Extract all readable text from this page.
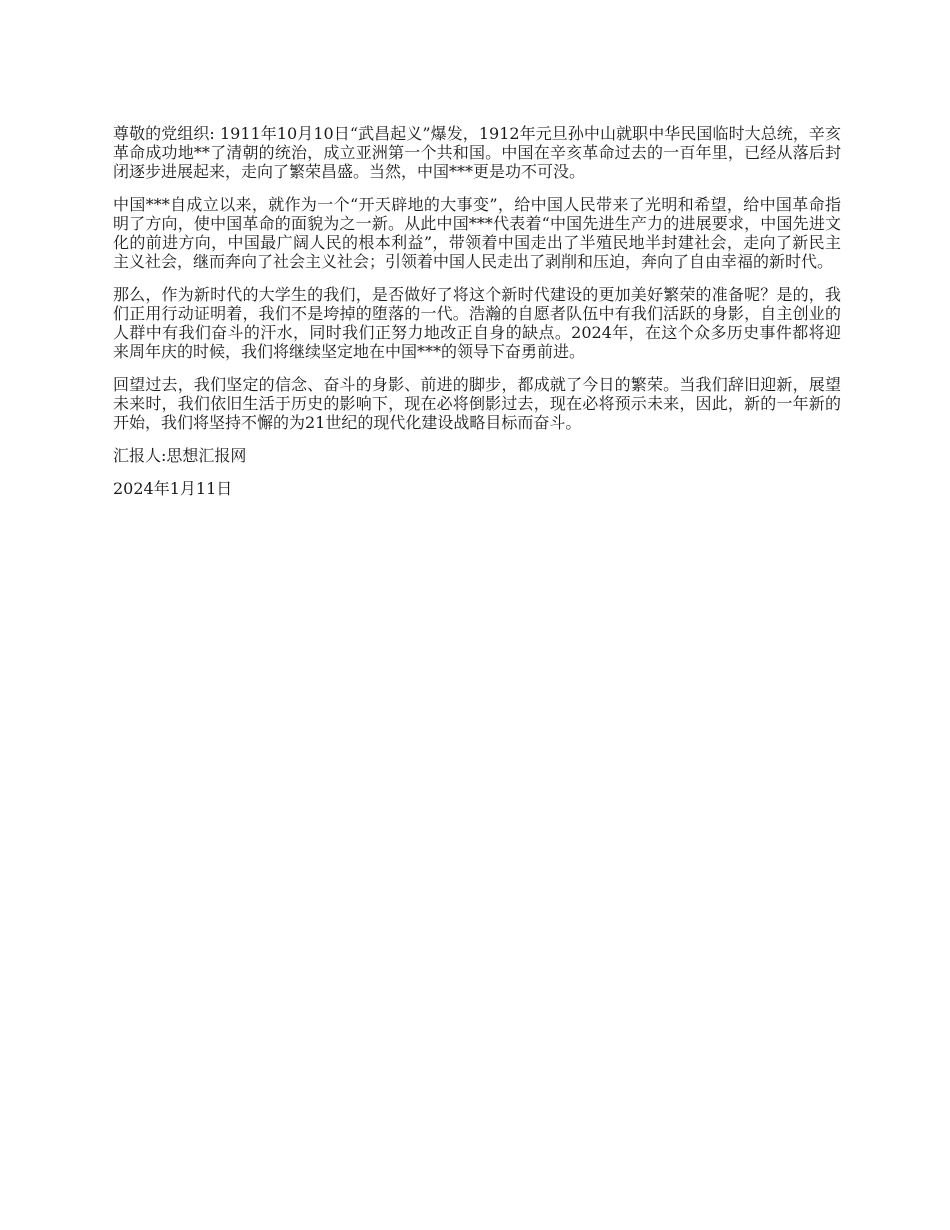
尊敬的党组织: 1911年10月10日“武昌起义”爆发，1912年元旦孙中山就职中华民国临时大总统，辛亥革命成功地**了清朝的统治，成立亚洲第一个共和国。中国在辛亥革命过去的一百年里，已经从落后封闭逐步进展起来，走向了繁荣昌盛。当然，中国***更是功不可没。

中国***自成立以来，就作为一个“开天辟地的大事变”，给中国人民带来了光明和希望，给中国革命指明了方向，使中国革命的面貌为之一新。从此中国***代表着“中国先进生产力的进展要求，中国先进文化的前进方向，中国最广阔人民的根本利益”，带领着中国走出了半殖民地半封建社会，走向了新民主主义社会，继而奔向了社会主义社会；引领着中国人民走出了剥削和压迫，奔向了自由幸福的新时代。

那么，作为新时代的大学生的我们，是否做好了将这个新时代建设的更加美好繁荣的准备呢？是的，我们正用行动证明着，我们不是垮掉的堕落的一代。浩瀚的自愿者队伍中有我们活跃的身影，自主创业的人群中有我们奋斗的汗水，同时我们正努力地改正自身的缺点。2024年，在这个众多历史事件都将迎来周年庆的时候，我们将继续坚定地在中国***的领导下奋勇前进。

回望过去，我们坚定的信念、奋斗的身影、前进的脚步，都成就了今日的繁荣。当我们辞旧迎新，展望未来时，我们依旧生活于历史的影响下，现在必将倒影过去，现在必将预示未来，因此，新的一年新的开始，我们将坚持不懈的为21世纪的现代化建设战略目标而奋斗。

汇报人:思想汇报网

2024年1月11日
